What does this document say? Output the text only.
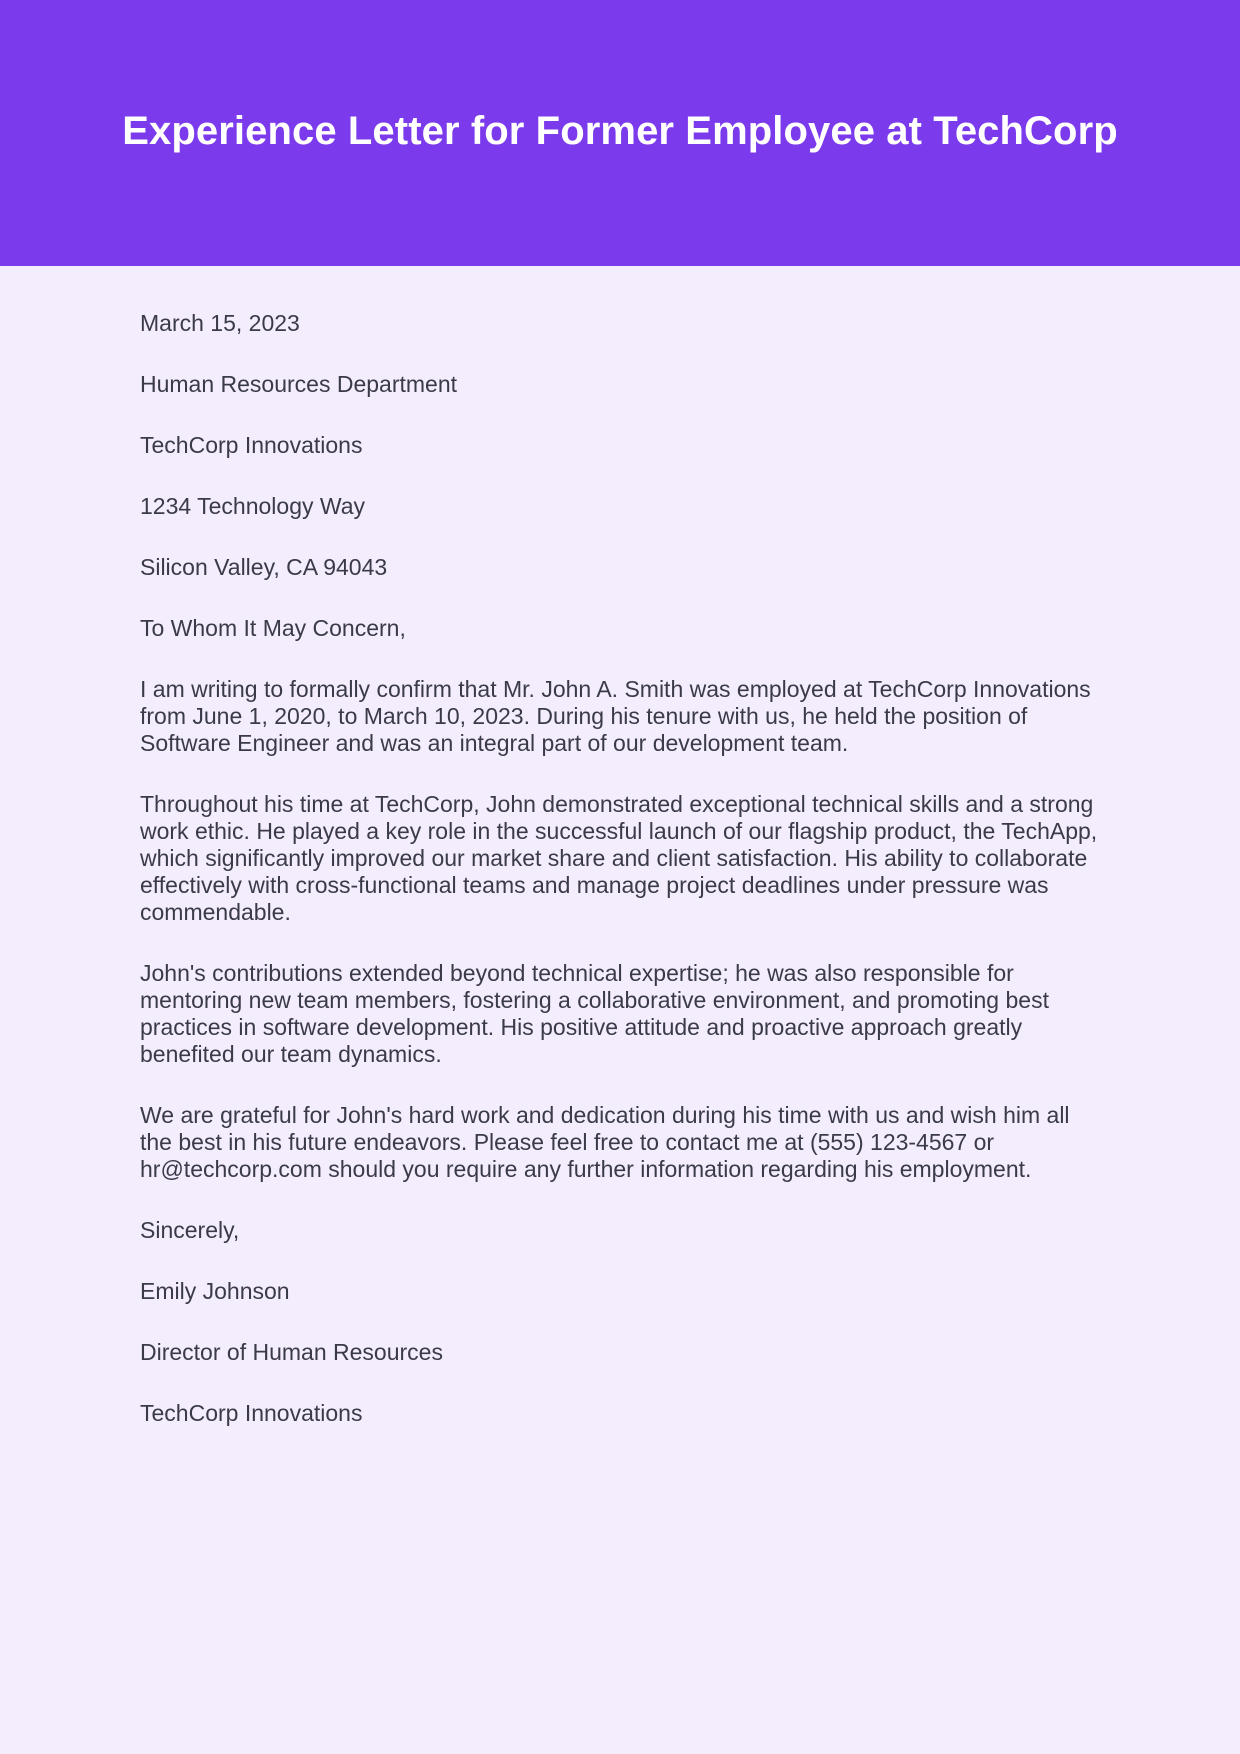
Experience Letter for Former Employee at TechCorp

March 15, 2023

Human Resources Department

TechCorp Innovations

1234 Technology Way

Silicon Valley, CA 94043

To Whom It May Concern,

I am writing to formally confirm that Mr. John A. Smith was employed at TechCorp Innovations from June 1, 2020, to March 10, 2023. During his tenure with us, he held the position of Software Engineer and was an integral part of our development team.

Throughout his time at TechCorp, John demonstrated exceptional technical skills and a strong work ethic. He played a key role in the successful launch of our flagship product, the TechApp, which significantly improved our market share and client satisfaction. His ability to collaborate effectively with cross-functional teams and manage project deadlines under pressure was commendable.

John's contributions extended beyond technical expertise; he was also responsible for mentoring new team members, fostering a collaborative environment, and promoting best practices in software development. His positive attitude and proactive approach greatly benefited our team dynamics.

We are grateful for John's hard work and dedication during his time with us and wish him all the best in his future endeavors. Please feel free to contact me at (555) 123-4567 or hr@techcorp.com should you require any further information regarding his employment.

Sincerely,

Emily Johnson

Director of Human Resources

TechCorp Innovations
